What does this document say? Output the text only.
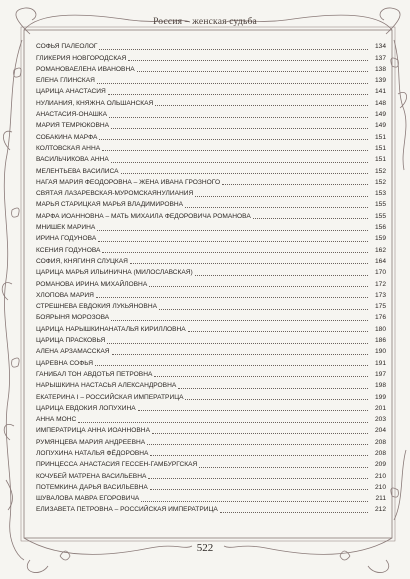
Россия – женская судьба
СОФЬЯ ПАЛЕОЛОГ	134
ГЛИКЕРИЯ НОВГОРОДСКАЯ	137
РОМАНОВАЕЛЕНА ИВАНОВНА	138
ЕЛЕНА ГЛИНСКАЯ	139
ЦАРИЦА АНАСТАСИЯ	141
НУЛИАНИЯ, КНЯЖНА ОЛЬШАНСКАЯ	148
АНАСТАСИЯ-ОНАШКА	149
МАРИЯ ТЕМРЮКОВНА	149
СОБАКИНА МАРФА	151
КОЛТОВСКАЯ АННА	151
ВАСИЛЬЧИКОВА АННА	151
МЕЛЕНТЬЕВА ВАСИЛИСА	152
НАГАЯ МАРИЯ ФЕОДОРОВНА – ЖЕНА ИВАНА ГРОЗНОГО	152
СВЯТАЯ ЛАЗАРЕВСКАЯ-МУРОМСКАЯНУЛИАНИЯ	153
МАРЬЯ СТАРИЦКАЯ МАРЬЯ ВЛАДИМИРОВНА	155
МАРФА ИОАННОВНА – МАТЬ МИХАИЛА ФЕДОРОВИЧА РОМАНОВА	155
МНИШЕК МАРИНА	156
ИРИНА ГОДУНОВА	159
КСЕНИЯ ГОДУНОВА	162
СОФИЯ, КНЯГИНЯ СЛУЦКАЯ	164
ЦАРИЦА МАРЬЯ ИЛЬИНИЧНА (МИЛОСЛАВСКАЯ)	170
РОМАНОВА ИРИНА МИХАЙЛОВНА	172
ХЛОПОВА МАРИЯ	173
СТРЕШНЕВА ЕВДОКИЯ ЛУКЬЯНОВНА	175
БОЯРЫНЯ МОРОЗОВА	176
ЦАРИЦА НАРЫШКИНАНАТАЛЬЯ КИРИЛЛОВНА	180
ЦАРИЦА ПРАСКОВЬЯ	186
АЛЕНА АРЗАМАССКАЯ	190
ЦАРЕВНА СОФЬЯ	191
ГАНИБАЛ ТОН АВДОТЬЯ ПЕТРОВНА	197
НАРЫШКИНА НАСТАСЬЯ АЛЕКСАНДРОВНА	198
ЕКАТЕРИНА I – РОССИЙСКАЯ ИМПЕРАТРИЦА	199
ЦАРИЦА ЕВДОКИЯ ЛОПУХИНА	201
АННА МОНС	203
ИМПЕРАТРИЦА АННА ИОАННОВНА	204
РУМЯНЦЕВА МАРИЯ АНДРЕЕВНА	208
ЛОПУХИНА НАТАЛЬЯ ФЁДОРОВНА	208
ПРИНЦЕССА АНАСТАСИЯ ГЕССЕН-ГАМБУРГСКАЯ	209
КОЧУБЕЙ МАТРЕНА ВАСИЛЬЕВНА	210
ПОТЕМКИНА ДАРЬЯ ВАСИЛЬЕВНА	210
ШУВАЛОВА МАВРА ЕГОРОВИЧА	211
ЕЛИЗАВЕТА ПЕТРОВНА – РОССИЙСКАЯ ИМПЕРАТРИЦА	212
522
